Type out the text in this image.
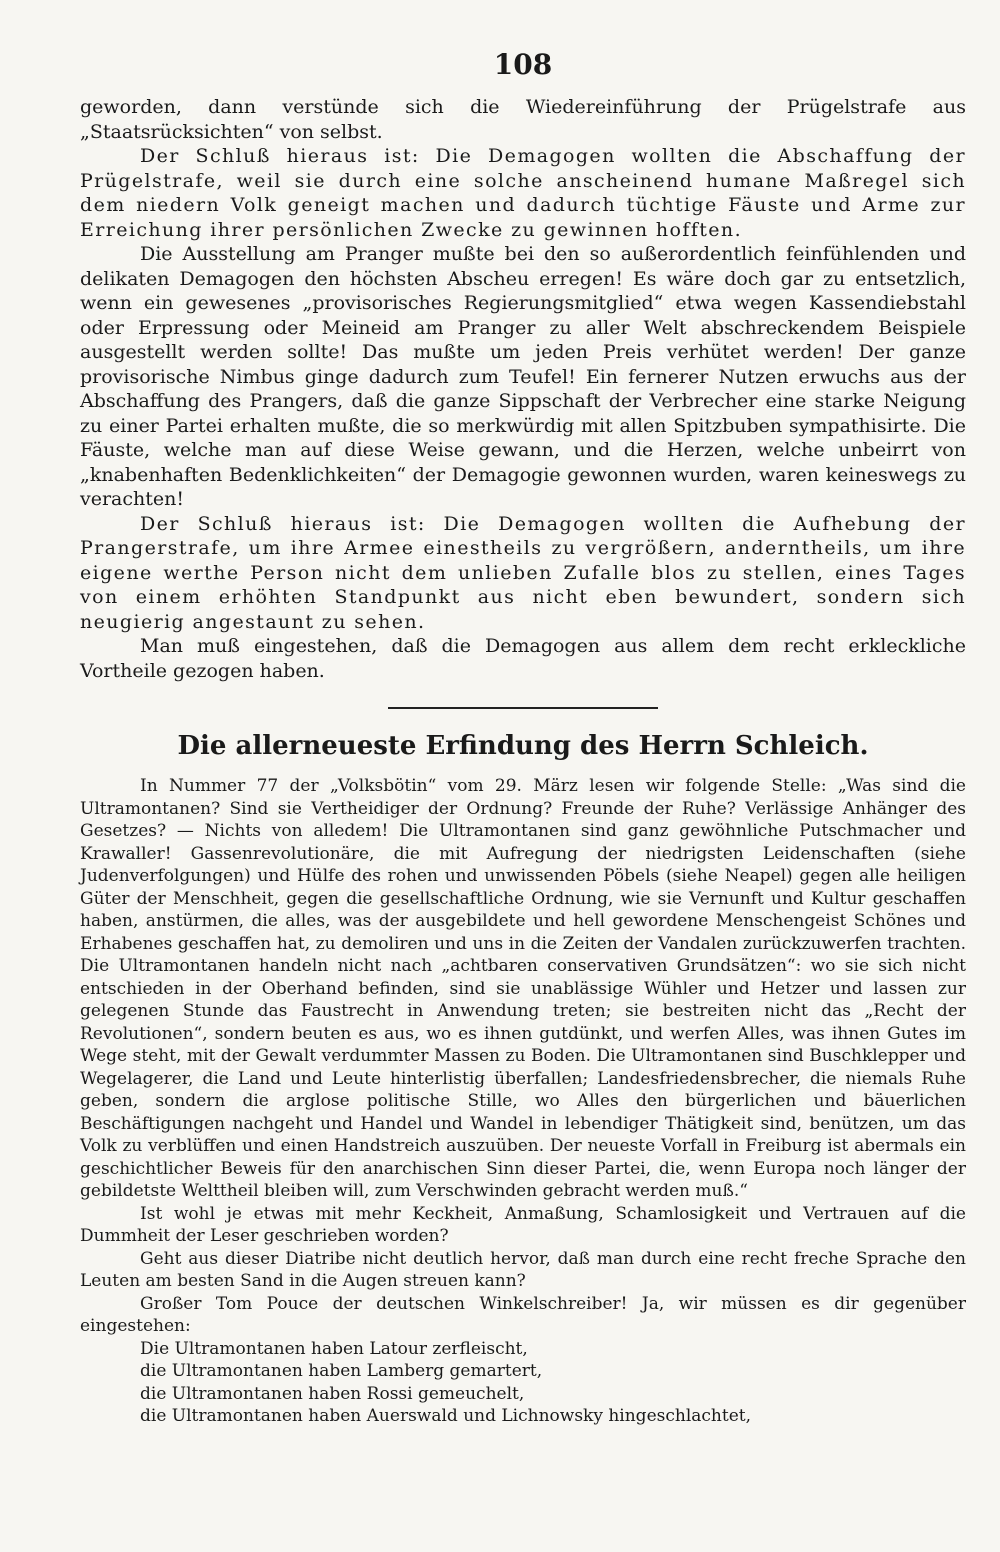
108

geworden, dann verstünde sich die Wiedereinführung der Prügelstrafe aus „Staatsrücksichten“ von selbst.

Der Schluß hieraus ist: Die Demagogen wollten die Abschaffung der Prügelstrafe, weil sie durch eine solche anscheinend humane Maßregel sich dem niedern Volk geneigt machen und dadurch tüchtige Fäuste und Arme zur Erreichung ihrer persönlichen Zwecke zu gewinnen hofften.

Die Ausstellung am Pranger mußte bei den so außerordentlich feinfühlenden und delikaten Demagogen den höchsten Abscheu erregen! Es wäre doch gar zu entsetzlich, wenn ein gewesenes „provisorisches Regierungsmitglied“ etwa wegen Kassendiebstahl oder Erpressung oder Meineid am Pranger zu aller Welt abschreckendem Beispiele ausgestellt werden sollte! Das mußte um jeden Preis verhütet werden! Der ganze provisorische Nimbus ginge dadurch zum Teufel! Ein fernerer Nutzen erwuchs aus der Abschaffung des Prangers, daß die ganze Sippschaft der Verbrecher eine starke Neigung zu einer Partei erhalten mußte, die so merkwürdig mit allen Spitzbuben sympathisirte. Die Fäuste, welche man auf diese Weise gewann, und die Herzen, welche unbeirrt von „knabenhaften Bedenklichkeiten“ der Demagogie gewonnen wurden, waren keineswegs zu verachten!

Der Schluß hieraus ist: Die Demagogen wollten die Aufhebung der Prangerstrafe, um ihre Armee einestheils zu vergrößern, anderntheils, um ihre eigene werthe Person nicht dem unlieben Zufalle blos zu stellen, eines Tages von einem erhöhten Standpunkt aus nicht eben bewundert, sondern sich neugierig angestaunt zu sehen.

Man muß eingestehen, daß die Demagogen aus allem dem recht erkleckliche Vortheile gezogen haben.

Die allerneueste Erfindung des Herrn Schleich.

In Nummer 77 der „Volksbötin“ vom 29. März lesen wir folgende Stelle: „Was sind die Ultramontanen? Sind sie Vertheidiger der Ordnung? Freunde der Ruhe? Verlässige Anhänger des Gesetzes? — Nichts von alledem! Die Ultramontanen sind ganz gewöhnliche Putschmacher und Krawaller! Gassenrevolutionäre, die mit Aufregung der niedrigsten Leidenschaften (siehe Judenverfolgungen) und Hülfe des rohen und unwissenden Pöbels (siehe Neapel) gegen alle heiligen Güter der Menschheit, gegen die gesellschaftliche Ordnung, wie sie Vernunft und Kultur geschaffen haben, anstürmen, die alles, was der ausgebildete und hell gewordene Menschengeist Schönes und Erhabenes geschaffen hat, zu demoliren und uns in die Zeiten der Vandalen zurückzuwerfen trachten. Die Ultramontanen handeln nicht nach „achtbaren conservativen Grundsätzen“: wo sie sich nicht entschieden in der Oberhand befinden, sind sie unablässige Wühler und Hetzer und lassen zur gelegenen Stunde das Faustrecht in Anwendung treten; sie bestreiten nicht das „Recht der Revolutionen“, sondern beuten es aus, wo es ihnen gutdünkt, und werfen Alles, was ihnen Gutes im Wege steht, mit der Gewalt verdummter Massen zu Boden. Die Ultramontanen sind Buschklepper und Wegelagerer, die Land und Leute hinterlistig überfallen; Landesfriedensbrecher, die niemals Ruhe geben, sondern die arglose politische Stille, wo Alles den bürgerlichen und bäuerlichen Beschäftigungen nachgeht und Handel und Wandel in lebendiger Thätigkeit sind, benützen, um das Volk zu verblüffen und einen Handstreich auszuüben. Der neueste Vorfall in Freiburg ist abermals ein geschichtlicher Beweis für den anarchischen Sinn dieser Partei, die, wenn Europa noch länger der gebildetste Welttheil bleiben will, zum Verschwinden gebracht werden muß.“

Ist wohl je etwas mit mehr Keckheit, Anmaßung, Schamlosigkeit und Vertrauen auf die Dummheit der Leser geschrieben worden?

Geht aus dieser Diatribe nicht deutlich hervor, daß man durch eine recht freche Sprache den Leuten am besten Sand in die Augen streuen kann?

Großer Tom Pouce der deutschen Winkelschreiber! Ja, wir müssen es dir gegenüber eingestehen:

Die Ultramontanen haben Latour zerfleischt,
die Ultramontanen haben Lamberg gemartert,
die Ultramontanen haben Rossi gemeuchelt,
die Ultramontanen haben Auerswald und Lichnowsky hingeschlachtet,
